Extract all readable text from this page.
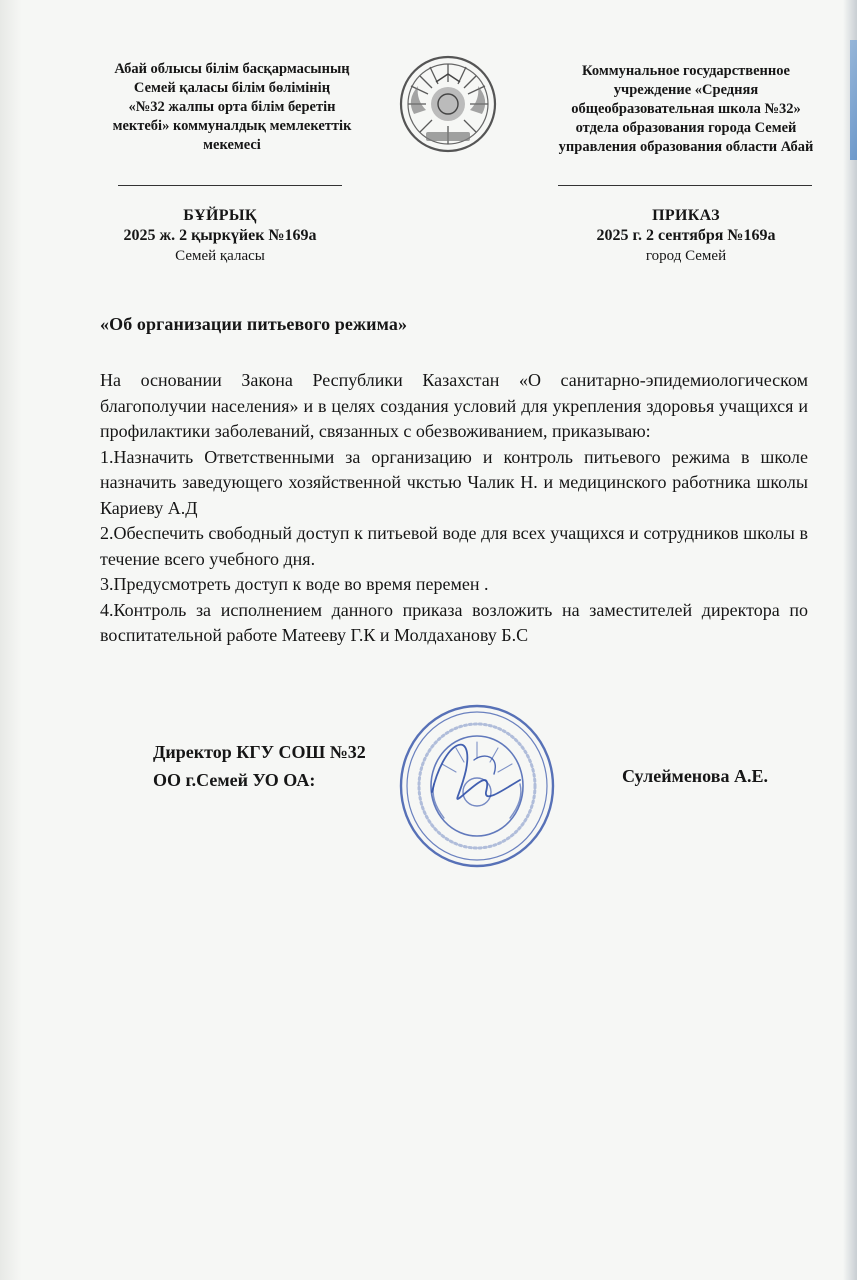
Абай облысы білім басқармасының
Семей қаласы білім бөлімінің
«№32 жалпы орта білім беретін
мектебі» коммуналдық мемлекеттік
мекемесі
Коммунальное государственное
учреждение «Средняя
общеобразовательная школа №32»
отдела образования города Семей
управления образования области Абай
БҰЙРЫҚ
2025 ж. 2 қыркүйек №169а
Семей қаласы
ПРИКАЗ
2025 г. 2 сентября №169а
город Семей
«Об организации питьевого режима»

На основании Закона Республики Казахстан «О санитарно-эпидемиологическом благополучии населения» и в целях создания условий для укрепления здоровья учащихся и профилактики заболеваний, связанных с обезвоживанием, приказываю:

1.Назначить Ответственными за организацию и контроль питьевого режима в школе назначить заведующего хозяйственной чкстью Чалик Н. и медицинского работника школы Кариеву А.Д

2.Обеспечить свободный доступ к питьевой воде для всех учащихся и сотрудников школы в течение всего учебного дня.

3.Предусмотреть доступ к воде во время перемен .

4.Контроль за исполнением данного приказа возложить на заместителей директора по воспитательной работе Матееву Г.К и Молдаханову Б.С

Директор КГУ СОШ №32
ОО г.Семей УО ОА:	Сулейменова А.Е.
